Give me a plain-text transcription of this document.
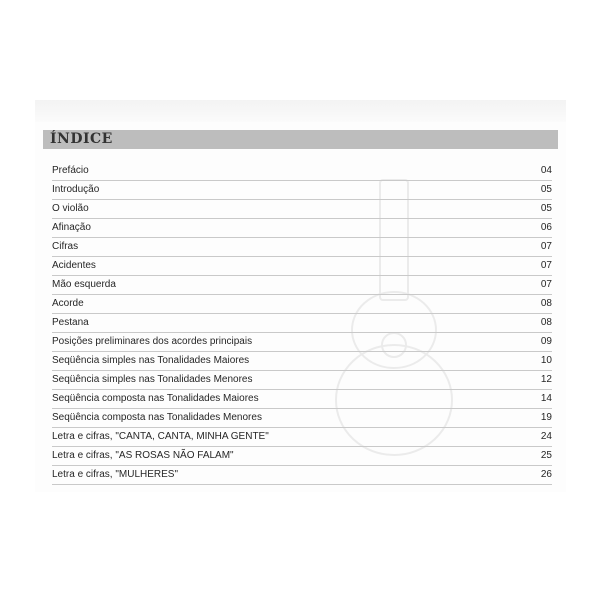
ÍNDICE
Prefácio	04
Introdução	05
O violão	05
Afinação	06
Cifras	07
Acidentes	07
Mão esquerda	07
Acorde	08
Pestana	08
Posições preliminares dos acordes principais	09
Seqüência simples nas Tonalidades Maiores	10
Seqüência simples nas Tonalidades Menores	12
Seqüência composta nas Tonalidades Maiores	14
Seqüência composta nas Tonalidades Menores	19
Letra e cifras, "CANTA, CANTA, MINHA GENTE"	24
Letra e cifras, "AS ROSAS NÃO FALAM"	25
Letra e cifras, "MULHERES"	26
